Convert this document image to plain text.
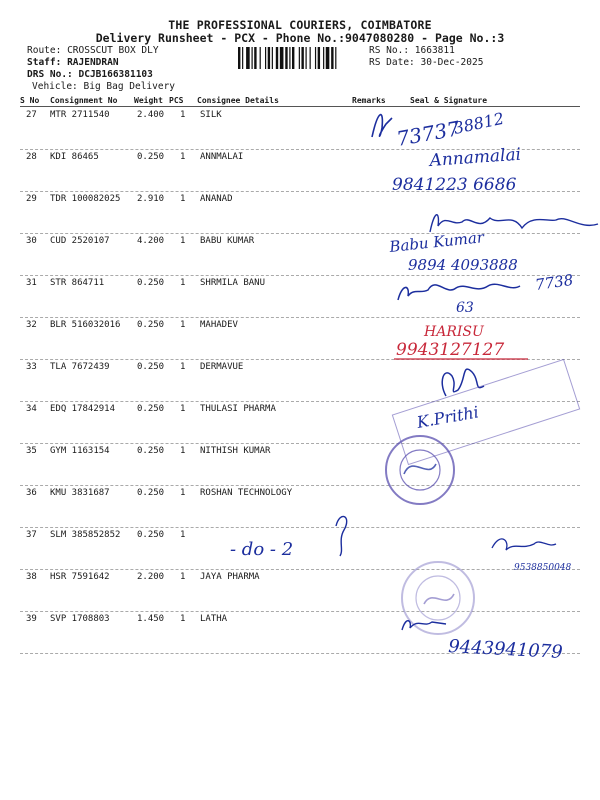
THE PROFESSIONAL COURIERS, COIMBATORE
Delivery Runsheet - PCX - Phone No.:9047080280 - Page No.:3
Route: CROSSCUT BOX DLY
Staff: RAJENDRAN
DRS No.: DCJB166381103
Vehicle: Big Bag Delivery
RS No.: 1663811
RS Date: 30-Dec-2025
S No Consignment No Weight PCS Consignee Details	Remarks	Seal & Signature
27 MTR 2711540	2.400 1 SILK
28 KDI 86465	0.250 1 ANNMALAI
29 TDR 100082025 2.910 1 ANANAD
30 CUD 2520107	4.200 1 BABU KUMAR
31 STR 864711	0.250 1 SHRMILA BANU
32 BLR 516032016 0.250 1 MAHADEV
33 TLA 7672439	0.250 1 DERMAVUE
34 EDQ 17842914 0.250 1 THULASI PHARMA
35 GYM 1163154	0.250 1 NITHISH KUMAR
36 KMU 3831687	0.250 1 ROSHAN TECHNOLOGY
37 SLM 385852852 0.250 1
38 HSR 7591642	2.200 1 JAYA PHARMA
39 SVP 1708803	1.450 1 LATHA
73737
38812
Annamalai
9841223 6686
Babu Kumar
9894 4093888
63
7738
HARISU
9943127127
K.Prithi
- do - 2
9538850048
9443941079
